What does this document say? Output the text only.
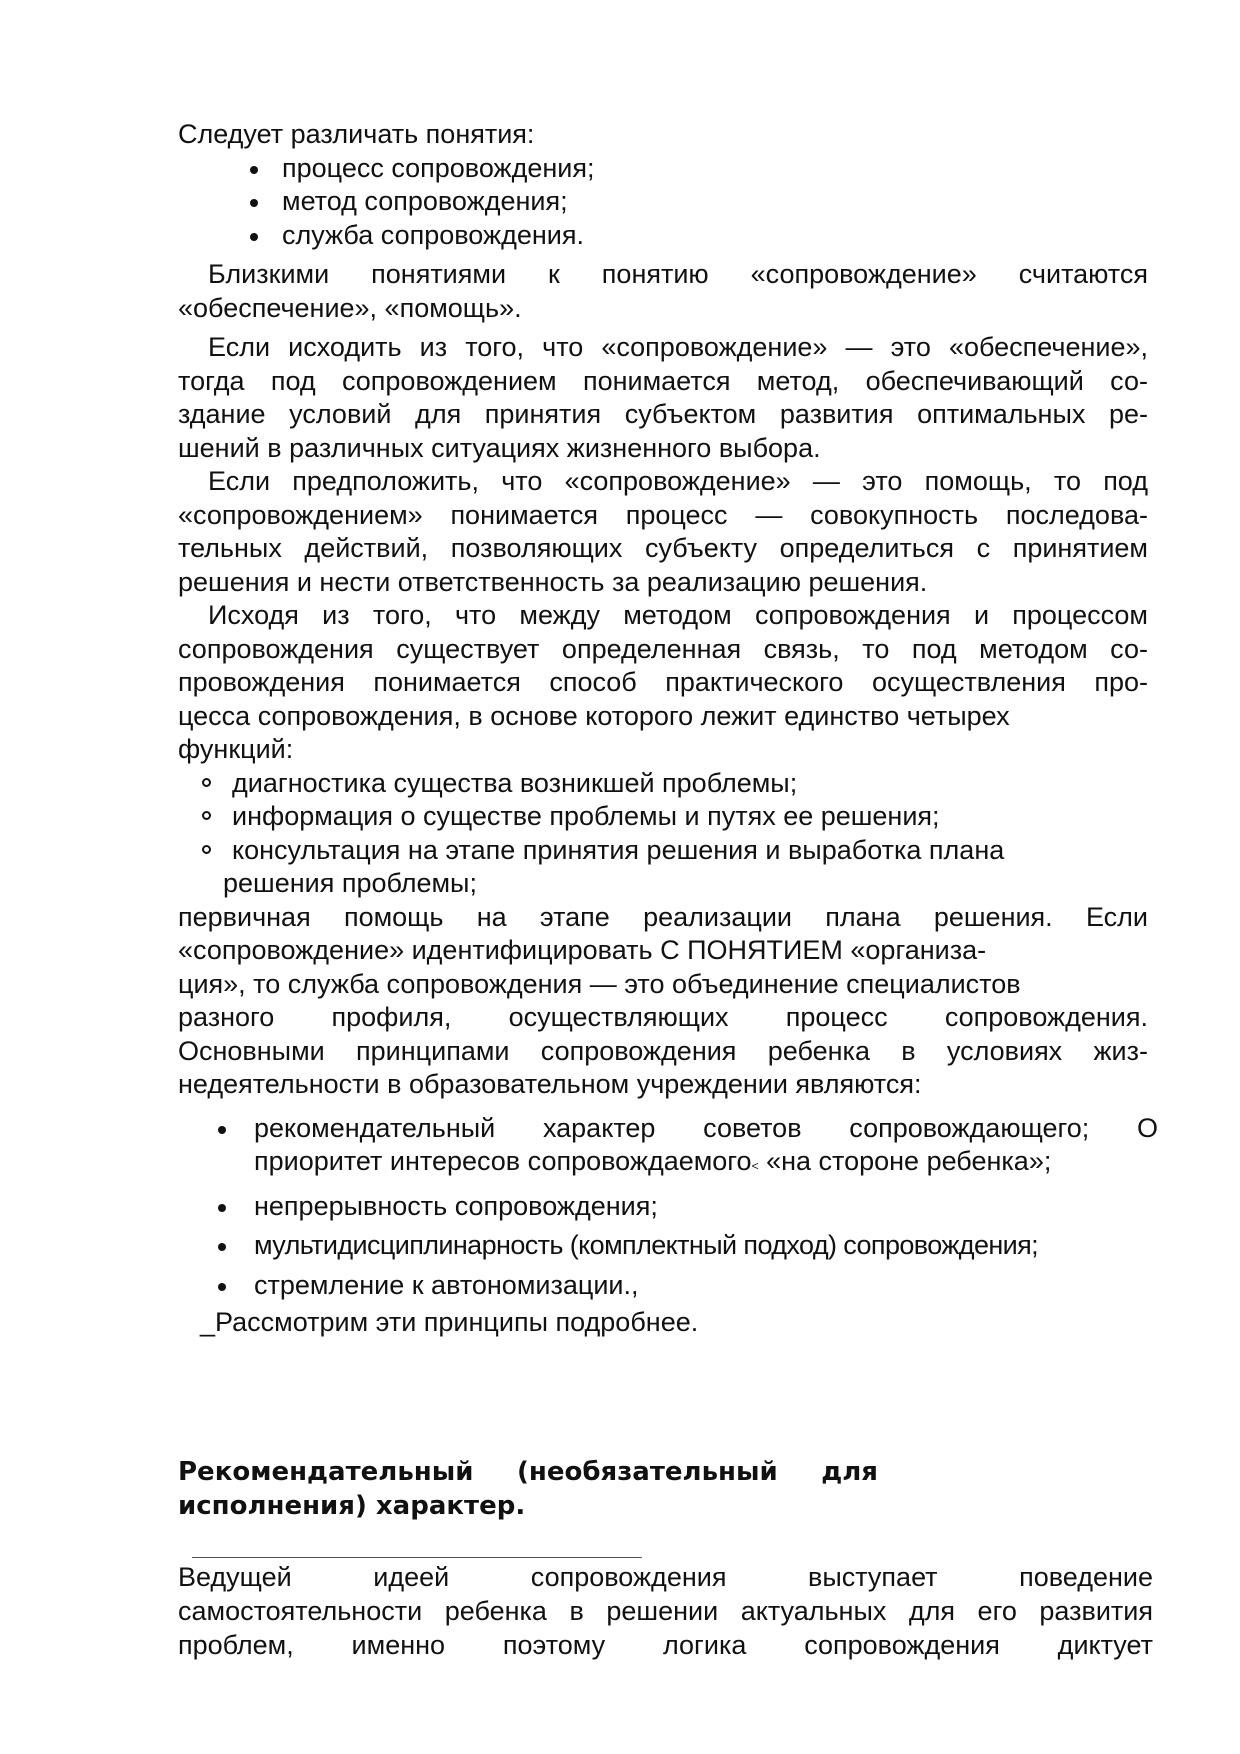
Следует различать понятия:
процесс сопровождения;
метод сопровождения;
служба сопровождения.
Близкими понятиями к понятию «сопровождение» считаются
«обеспечение», «помощь».
Если исходить из того, что «сопровождение» — это «обеспечение»,
тогда под сопровождением понимается метод, обеспечивающий со-
здание условий для принятия субъектом развития оптимальных ре-
шений в различных ситуациях жизненного выбора.
Если предположить, что «сопровождение» — это помощь, то под
«сопровождением» понимается процесс — совокупность последова-
тельных действий, позволяющих субъекту определиться с принятием
решения и нести ответственность за реализацию решения.
Исходя из того, что между методом сопровождения и процессом
сопровождения существует определенная связь, то под методом со-
провождения понимается способ практического осуществления про-
цесса сопровождения, в основе которого лежит единство четырех
функций:
диагностика существа возникшей проблемы;
информация о существе проблемы и путях ее решения;
консультация на этапе принятия решения и выработка плана
решения проблемы;
первичная помощь на этапе реализации плана решения. Если
«сопровождение» идентифицировать С ПОНЯТИЕМ «организа-
ция», то служба сопровождения — это объединение специалистов
разного профиля, осуществляющих процесс сопровождения.
Основными принципами сопровождения ребенка в условиях жиз-
недеятельности в образовательном учреждении являются:
рекомендательный характер советов сопровождающего; О
приоритет интересов сопровождаемого< «на стороне ребенка»;
непрерывность сопровождения;
мультидисциплинарность (комплектный подход) сопровождения;
стремление к автономизации.,
_Рассмотрим эти принципы подробнее.
Рекомендательный (необязательный для
исполнения) характер.
Ведущей идеей сопровождения выступает поведение
самостоятельности ребенка в решении актуальных для его развития
проблем, именно поэтому логика сопровождения диктует
